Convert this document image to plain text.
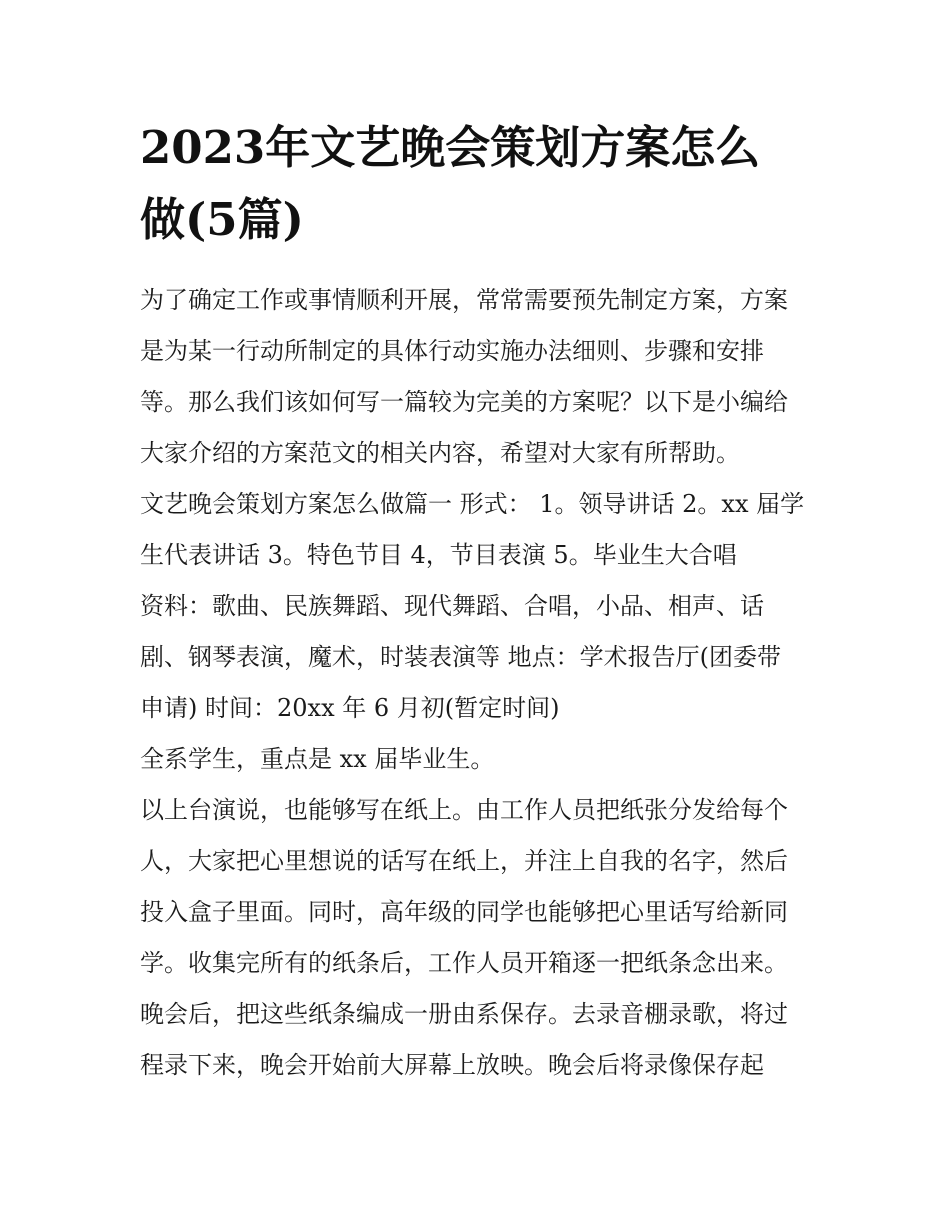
2023年文艺晚会策划方案怎么
做(5篇)

为了确定工作或事情顺利开展，常常需要预先制定方案，方案
是为某一行动所制定的具体行动实施办法细则、步骤和安排
等。那么我们该如何写一篇较为完美的方案呢？以下是小编给
大家介绍的方案范文的相关内容，希望对大家有所帮助。

文艺晚会策划方案怎么做篇一 形式： 1。领导讲话 2。xx 届学
生代表讲话 3。特色节目 4，节目表演 5。毕业生大合唱
资料：歌曲、民族舞蹈、现代舞蹈、合唱，小品、相声、话
剧、钢琴表演，魔术，时装表演等 地点：学术报告厅(团委带
申请) 时间：20xx 年 6 月初(暂定时间)

全系学生，重点是 xx 届毕业生。

以上台演说，也能够写在纸上。由工作人员把纸张分发给每个
人，大家把心里想说的话写在纸上，并注上自我的名字，然后
投入盒子里面。同时，高年级的同学也能够把心里话写给新同
学。收集完所有的纸条后，工作人员开箱逐一把纸条念出来。
晚会后，把这些纸条编成一册由系保存。去录音棚录歌，将过
程录下来，晚会开始前大屏幕上放映。晚会后将录像保存起
